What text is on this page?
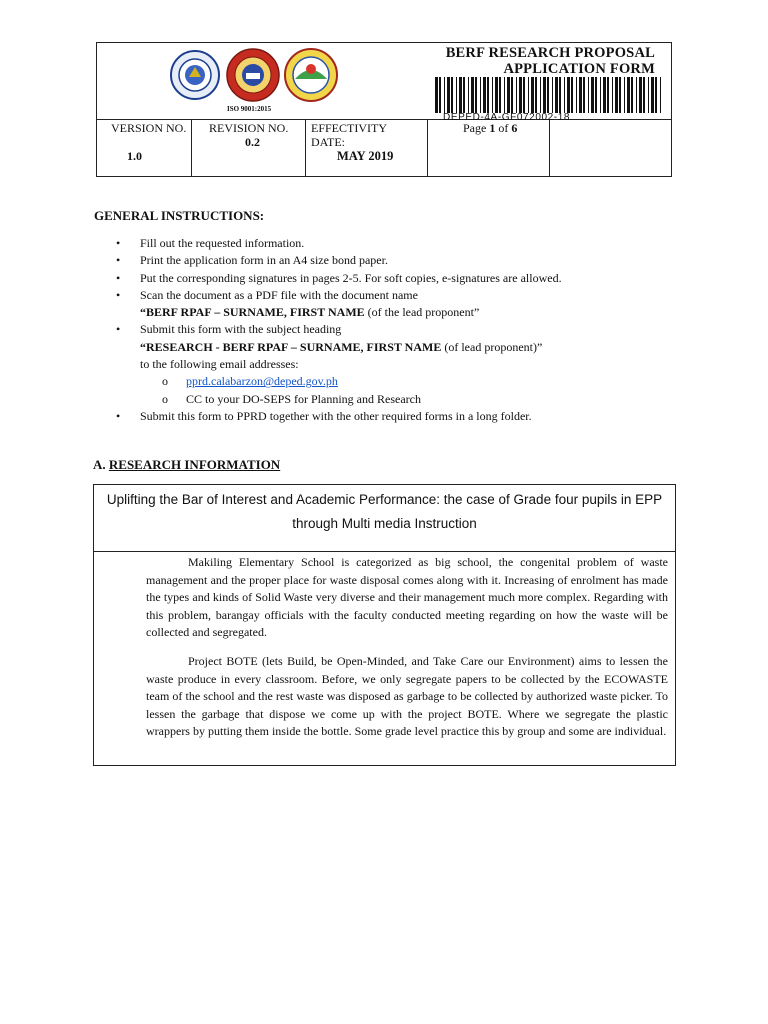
ISO 9001:2015
BERF RESEARCH PROPOSAL
APPLICATION FORM
DEPED-4A-GF072002-18
VERSION NO.
1.0
REVISION NO.
0.2
EFFECTIVITY DATE:
MAY 2019
Page 1 of 6
GENERAL INSTRUCTIONS:
• Fill out the requested information.
• Print the application form in an A4 size bond paper.
• Put the corresponding signatures in pages 2-5. For soft copies, e-signatures are allowed.
• Scan the document as a PDF file with the document name
“BERF RPAF – SURNAME, FIRST NAME (of the lead proponent”
• Submit this form with the subject heading
“RESEARCH - BERF RPAF – SURNAME, FIRST NAME (of lead proponent)”
to the following email addresses:
o pprd.calabarzon@deped.gov.ph
o CC to your DO-SEPS for Planning and Research
• Submit this form to PPRD together with the other required forms in a long folder.
A. RESEARCH INFORMATION
Uplifting the Bar of Interest and Academic Performance: the case of Grade four pupils in EPP through Multi media Instruction
Makiling Elementary School is categorized as big school, the congenital problem of waste management and the proper place for waste disposal comes along with it. Increasing of enrolment has made the types and kinds of Solid Waste very diverse and their management much more complex. Regarding with this problem, barangay officials with the faculty conducted meeting regarding on how the waste will be collected and segregated.
Project BOTE (lets Build, be Open-Minded, and Take Care our Environment) aims to lessen the waste produce in every classroom. Before, we only segregate papers to be collected by the ECOWASTE team of the school and the rest waste was disposed as garbage to be collected by authorized waste picker. To lessen the garbage that dispose we come up with the project BOTE. Where we segregate the plastic wrappers by putting them inside the bottle. Some grade level practice this by group and some are individual.
